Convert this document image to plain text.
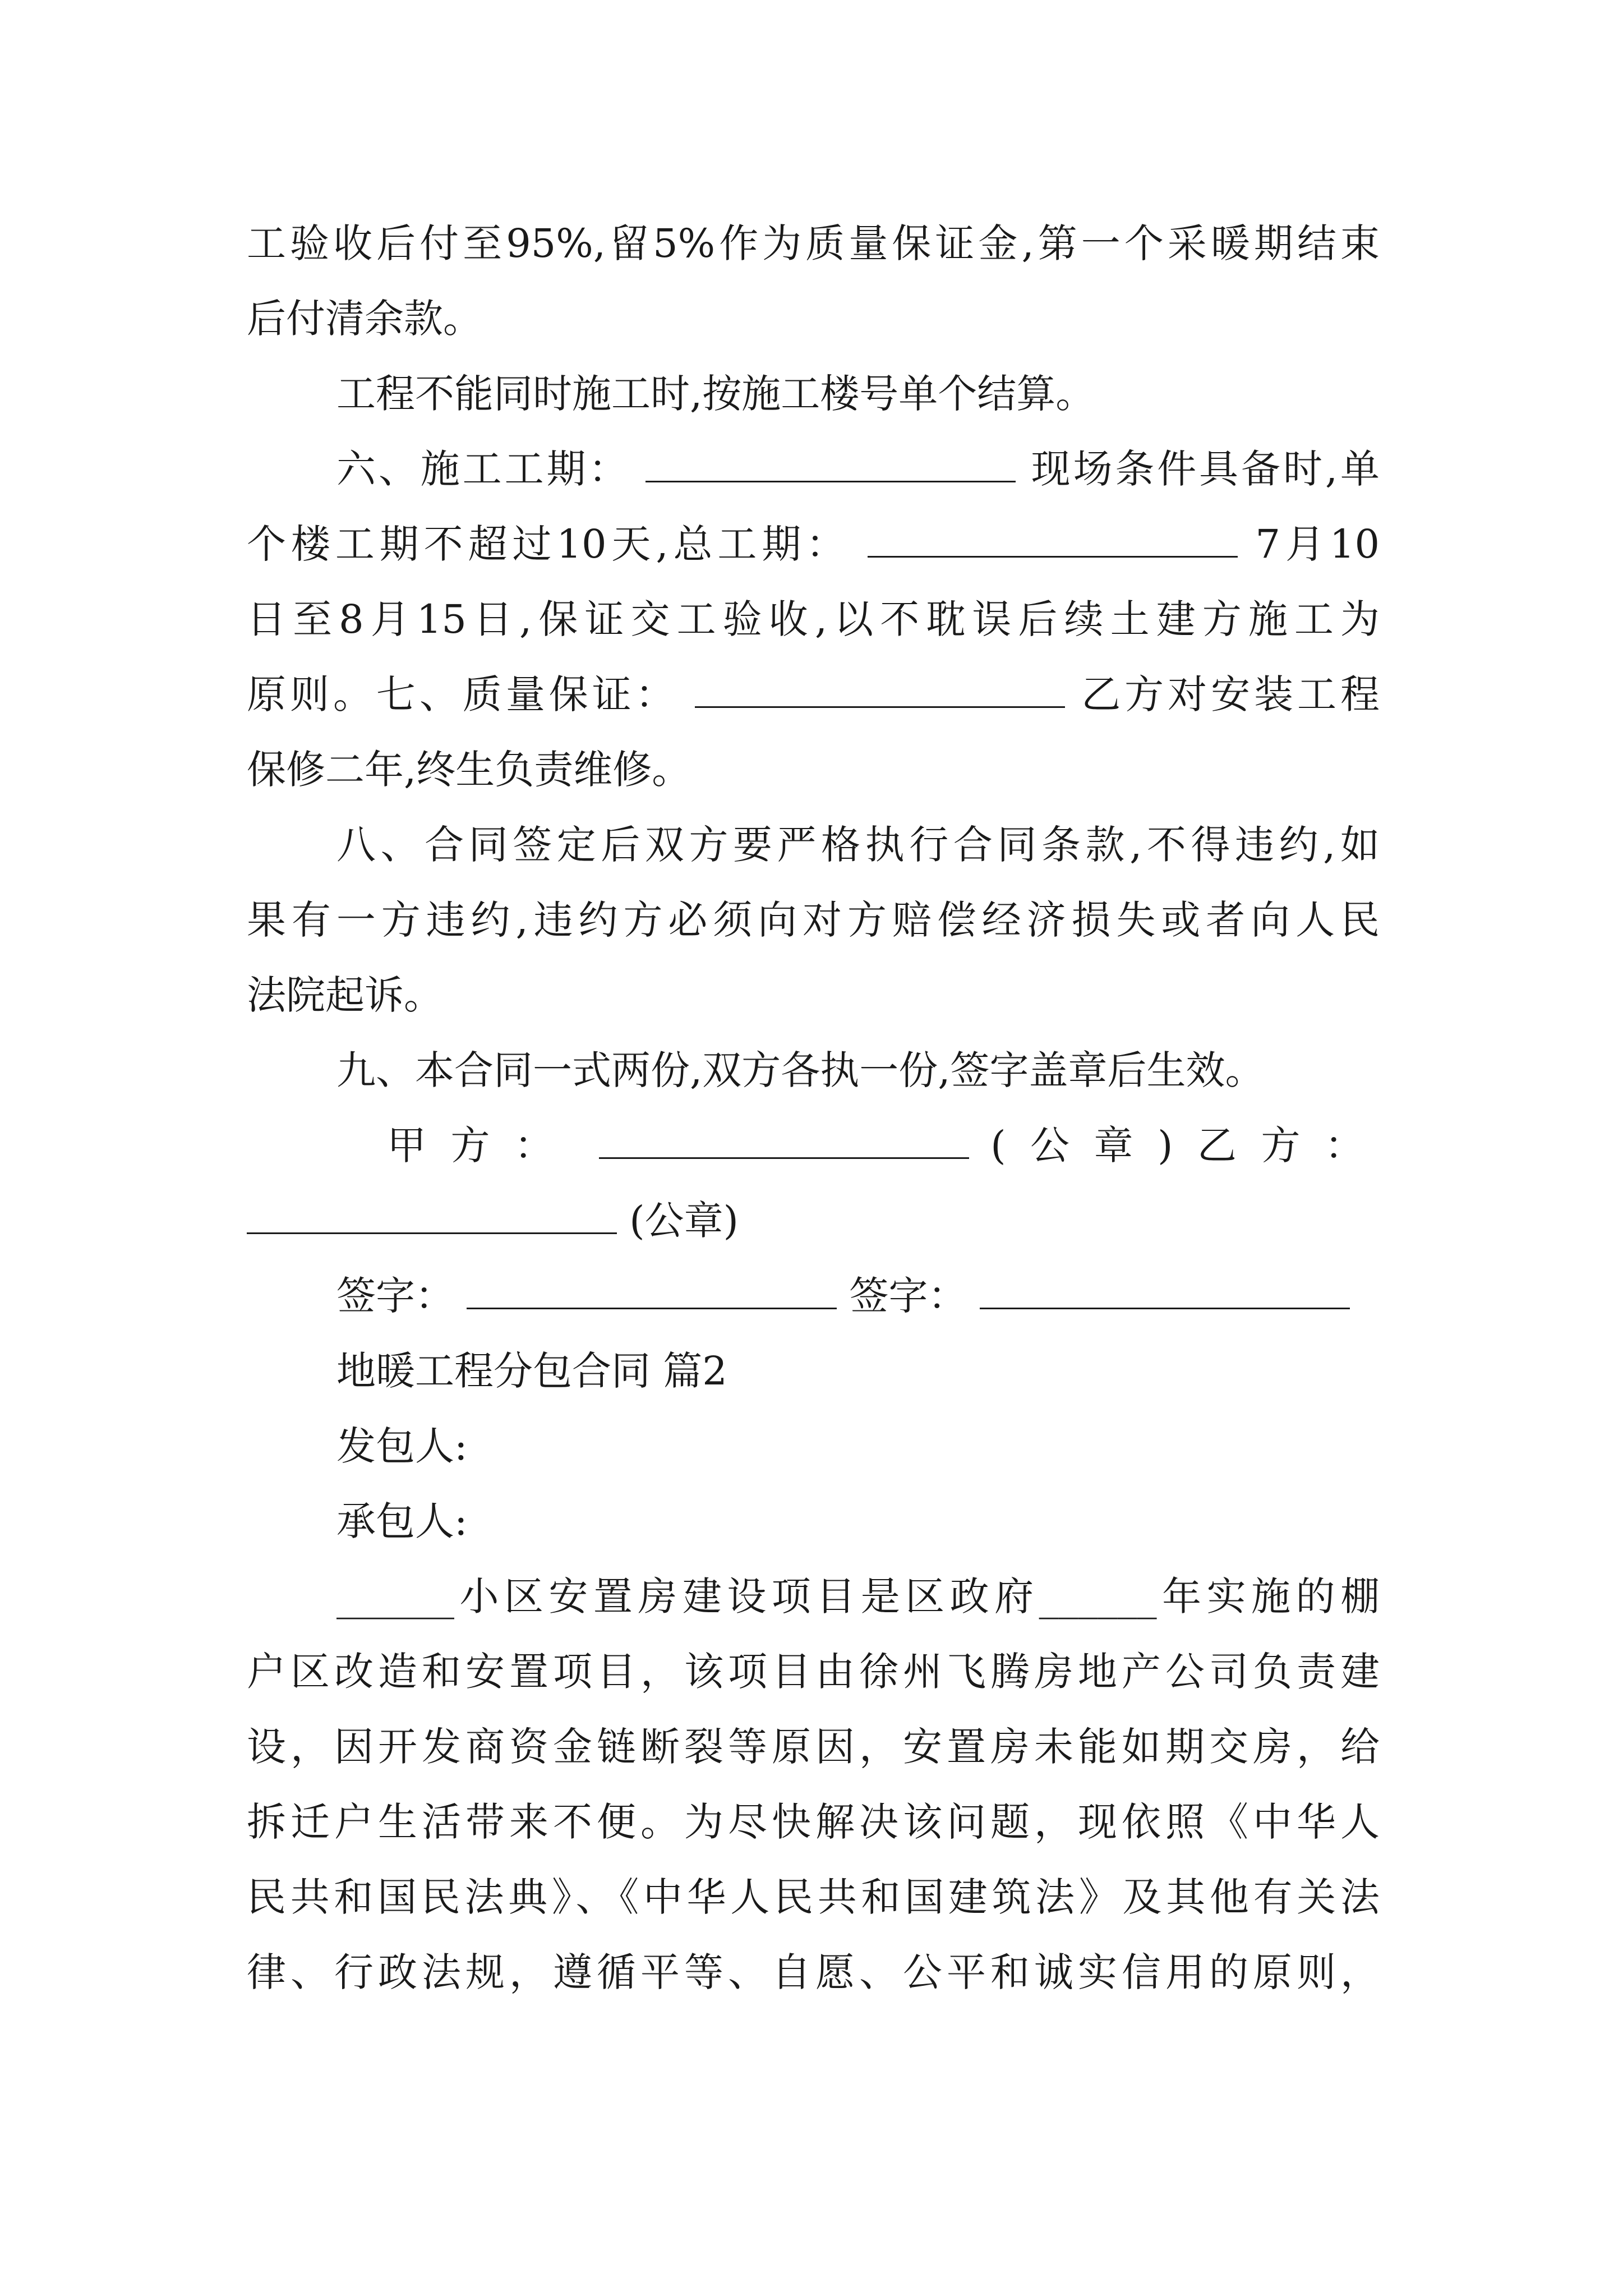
工验收后付至95%,留5%作为质量保证金,第一个采暖期结束
后付清余款。
工程不能同时施工时,按施工楼号单个结算。
六、施工工期：	现场条件具备时,单
个楼工期不超过10天,总工期：	7月10
日至8月15日,保证交工验收,以不耽误后续土建方施工为
原则。七、质量保证：	乙方对安装工程
保修二年,终生负责维修。
八、合同签定后双方要严格执行合同条款,不得违约,如
果有一方违约,违约方必须向对方赔偿经济损失或者向人民
法院起诉。
九、本合同一式两份,双方各执一份,签字盖章后生效。
甲方：	(公章)乙方：
(公章)
签字：	签字：
地暖工程分包合同 篇2
发包人:
承包人:
______小区安置房建设项目是区政府______年实施的棚
户区改造和安置项目，该项目由徐州飞腾房地产公司负责建
设，因开发商资金链断裂等原因，安置房未能如期交房，给
拆迁户生活带来不便。为尽快解决该问题，现依照《中华人
民共和国民法典》、《中华人民共和国建筑法》及其他有关法
律、行政法规，遵循平等、自愿、公平和诚实信用的原则，
